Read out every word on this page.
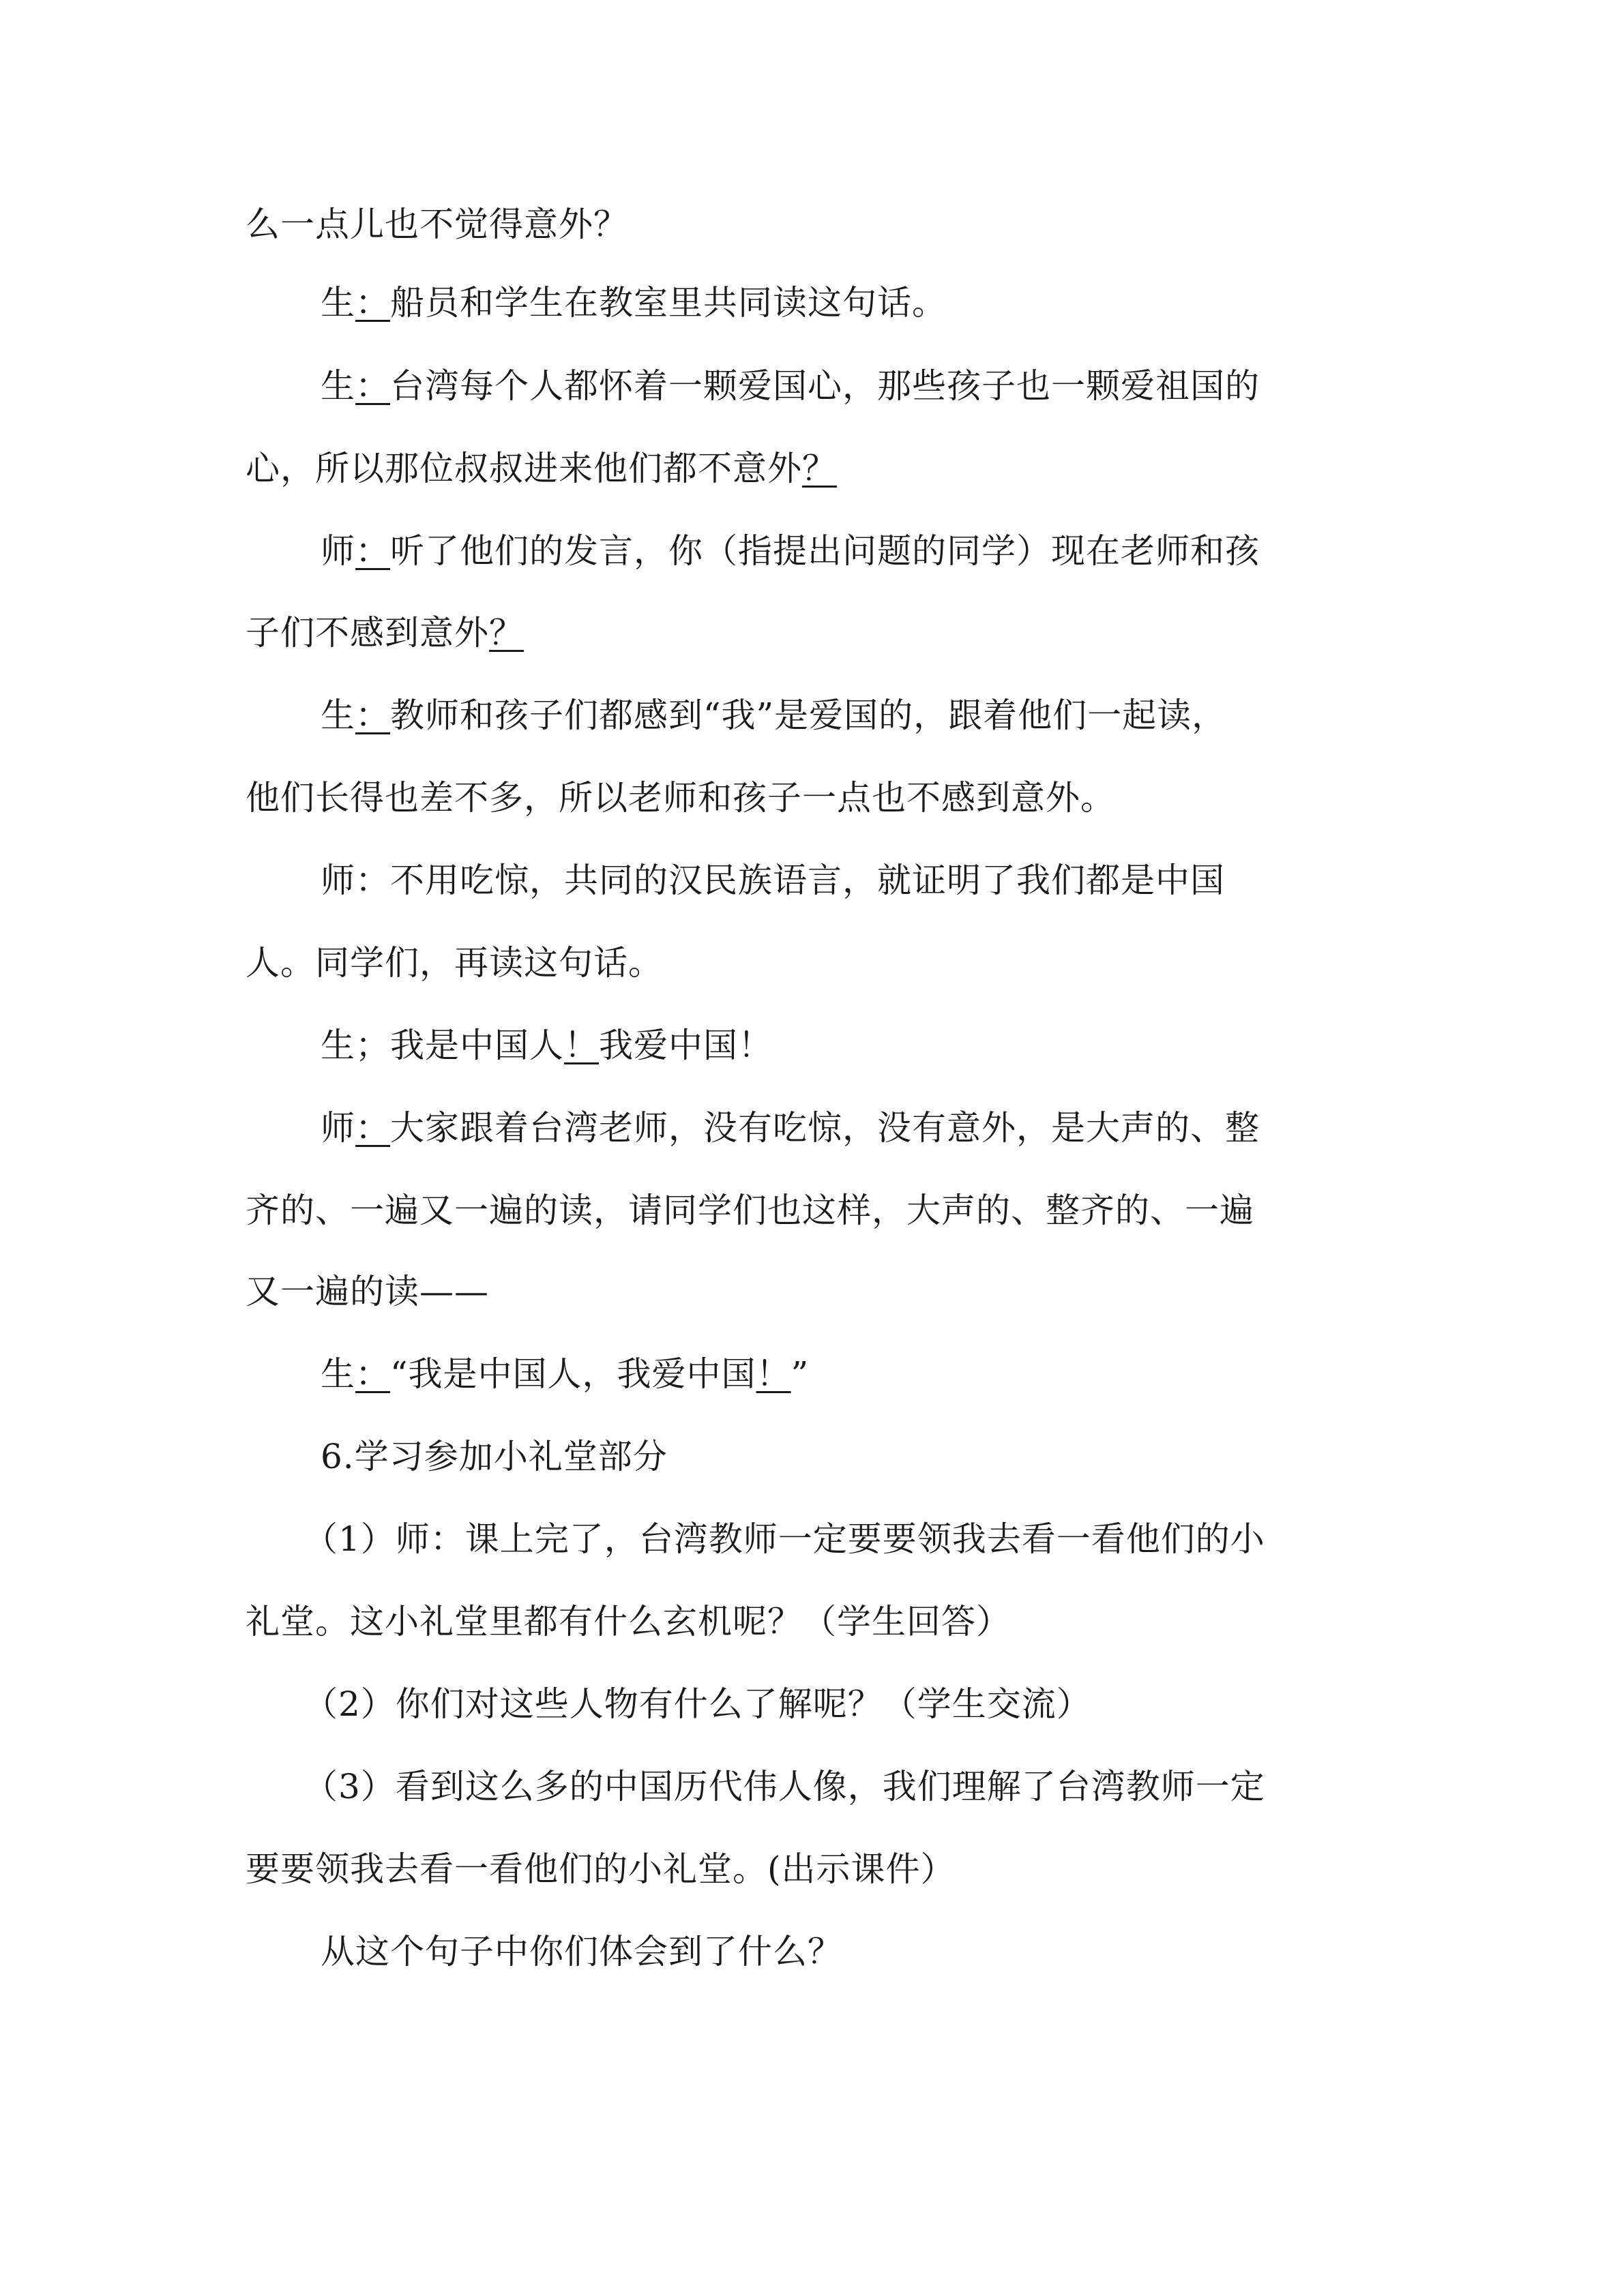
么一点儿也不觉得意外？
生：船员和学生在教室里共同读这句话。
生：台湾每个人都怀着一颗爱国心，那些孩子也一颗爱祖国的
心，所以那位叔叔进来他们都不意外？
师：听了他们的发言，你（指提出问题的同学）现在老师和孩
子们不感到意外？
生：教师和孩子们都感到“我”是爱国的，跟着他们一起读，
他们长得也差不多，所以老师和孩子一点也不感到意外。
师：不用吃惊，共同的汉民族语言，就证明了我们都是中国
人。同学们，再读这句话。
生；我是中国人！我爱中国！
师：大家跟着台湾老师，没有吃惊，没有意外，是大声的、整
齐的、一遍又一遍的读，请同学们也这样，大声的、整齐的、一遍
又一遍的读——
生：“我是中国人，我爱中国！”
6.学习参加小礼堂部分
（1）师：课上完了，台湾教师一定要要领我去看一看他们的小
礼堂。这小礼堂里都有什么玄机呢？（学生回答）
（2）你们对这些人物有什么了解呢？（学生交流）
（3）看到这么多的中国历代伟人像，我们理解了台湾教师一定
要要领我去看一看他们的小礼堂。(出示课件）
从这个句子中你们体会到了什么？
